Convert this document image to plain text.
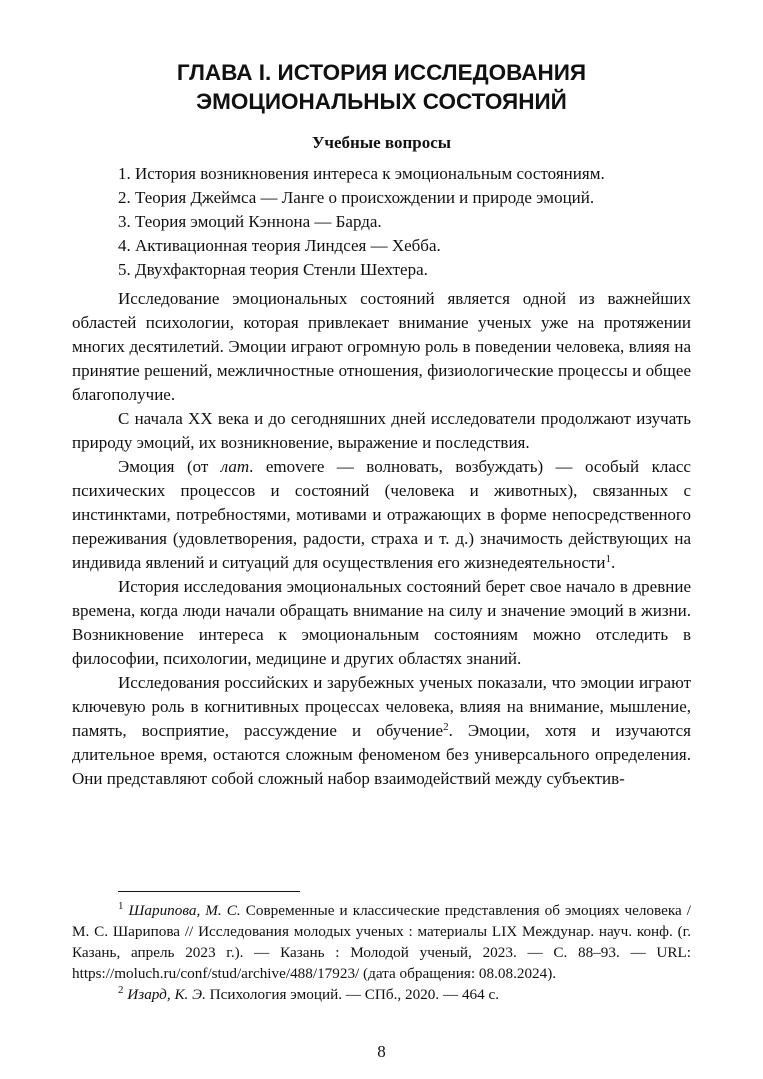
ГЛАВА I. ИСТОРИЯ ИССЛЕДОВАНИЯ
ЭМОЦИОНАЛЬНЫХ СОСТОЯНИЙ
Учебные вопросы
1. История возникновения интереса к эмоциональным состояниям.
2. Теория Джеймса — Ланге о происхождении и природе эмоций.
3. Теория эмоций Кэннона — Барда.
4. Активационная теория Линдсея — Хебба.
5. Двухфакторная теория Стенли Шехтера.

Исследование эмоциональных состояний является одной из важнейших областей психологии, которая привлекает внимание ученых уже на протяжении многих десятилетий. Эмоции играют огромную роль в поведении человека, влияя на принятие решений, межличностные отношения, физиологические процессы и общее благополучие.

С начала XX века и до сегодняшних дней исследователи продолжают изучать природу эмоций, их возникновение, выражение и последствия.

Эмоция (от лат. emovere — волновать, возбуждать) — особый класс психических процессов и состояний (человека и животных), связанных с инстинктами, потребностями, мотивами и отражающих в форме непосредственного переживания (удовлетворения, радости, страха и т. д.) значимость действующих на индивида явлений и ситуаций для осуществления его жизнедеятельности$^1$.

История исследования эмоциональных состояний берет свое начало в древние времена, когда люди начали обращать внимание на силу и значение эмоций в жизни. Возникновение интереса к эмоциональным состояниям можно отследить в философии, психологии, медицине и других областях знаний.

Исследования российских и зарубежных ученых показали, что эмоции играют ключевую роль в когнитивных процессах человека, влияя на внимание, мышление, память, восприятие, рассуждение и обучение$^2$. Эмоции, хотя и изучаются длительное время, остаются сложным феноменом без универсального определения. Они представляют собой сложный набор взаимодействий между субъектив-

$^1$ Шарипова, М. С. Современные и классические представления об эмоциях человека / М. С. Шарипова // Исследования молодых ученых : материалы LIX Междунар. науч. конф. (г. Казань, апрель 2023 г.). — Казань : Молодой ученый, 2023. — С. 88–93. — URL: https://moluch.ru/conf/stud/archive/488/17923/ (дата обращения: 08.08.2024).

$^2$ Изард, К. Э. Психология эмоций. — СПб., 2020. — 464 с.

8
